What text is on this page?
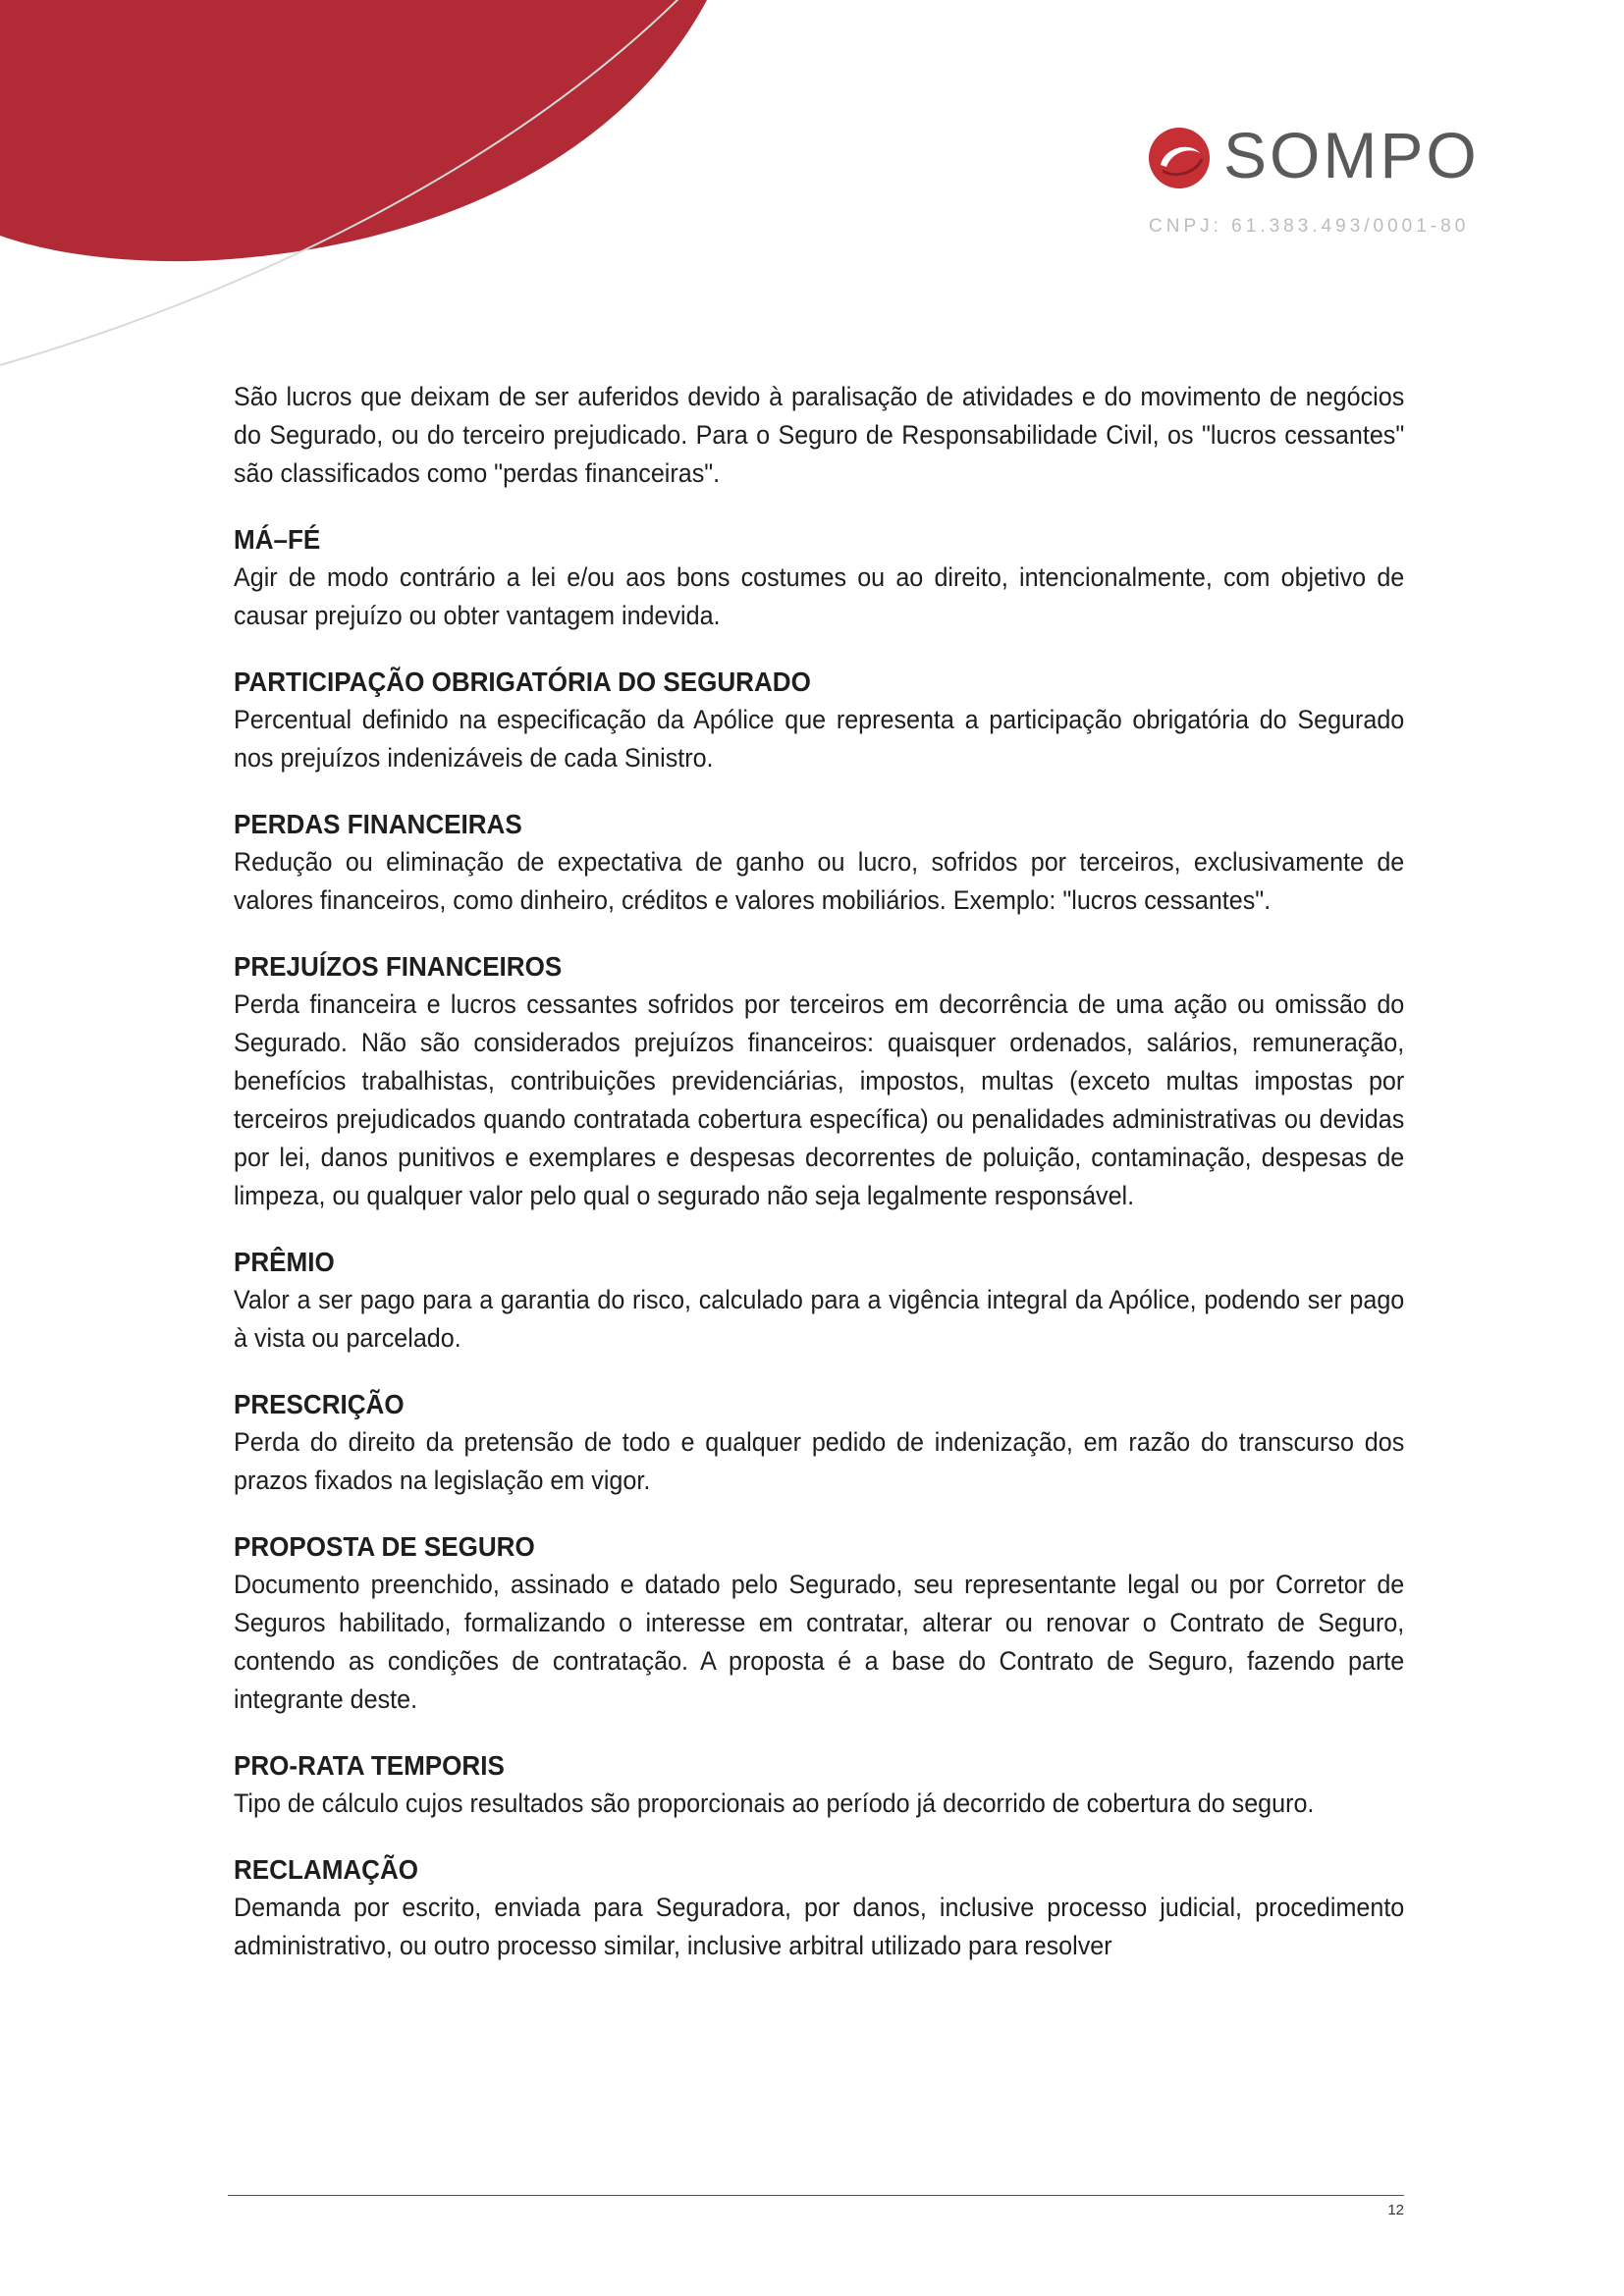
SOMPO
CNPJ: 61.383.493/0001-80

São lucros que deixam de ser auferidos devido à paralisação de atividades e do movimento de negócios do Segurado, ou do terceiro prejudicado. Para o Seguro de Responsabilidade Civil, os "lucros cessantes" são classificados como "perdas financeiras".

MÁ–FÉ

Agir de modo contrário a lei e/ou aos bons costumes ou ao direito, intencionalmente, com objetivo de causar prejuízo ou obter vantagem indevida.

PARTICIPAÇÃO OBRIGATÓRIA DO SEGURADO

Percentual definido na especificação da Apólice que representa a participação obrigatória do Segurado nos prejuízos indenizáveis de cada Sinistro.

PERDAS FINANCEIRAS

Redução ou eliminação de expectativa de ganho ou lucro, sofridos por terceiros, exclusivamente de valores financeiros, como dinheiro, créditos e valores mobiliários. Exemplo: "lucros cessantes".

PREJUÍZOS FINANCEIROS

Perda financeira e lucros cessantes sofridos por terceiros em decorrência de uma ação ou omissão do Segurado. Não são considerados prejuízos financeiros: quaisquer ordenados, salários, remuneração, benefícios trabalhistas, contribuições previdenciárias, impostos, multas (exceto multas impostas por terceiros prejudicados quando contratada cobertura específica) ou penalidades administrativas ou devidas por lei, danos punitivos e exemplares e despesas decorrentes de poluição, contaminação, despesas de limpeza, ou qualquer valor pelo qual o segurado não seja legalmente responsável.

PRÊMIO

Valor a ser pago para a garantia do risco, calculado para a vigência integral da Apólice, podendo ser pago à vista ou parcelado.

PRESCRIÇÃO

Perda do direito da pretensão de todo e qualquer pedido de indenização, em razão do transcurso dos prazos fixados na legislação em vigor.

PROPOSTA DE SEGURO

Documento preenchido, assinado e datado pelo Segurado, seu representante legal ou por Corretor de Seguros habilitado, formalizando o interesse em contratar, alterar ou renovar o Contrato de Seguro, contendo as condições de contratação. A proposta é a base do Contrato de Seguro, fazendo parte integrante deste.

PRO-RATA TEMPORIS

Tipo de cálculo cujos resultados são proporcionais ao período já decorrido de cobertura do seguro.

RECLAMAÇÃO

Demanda por escrito, enviada para Seguradora, por danos, inclusive processo judicial, procedimento administrativo, ou outro processo similar, inclusive arbitral utilizado para resolver

12
